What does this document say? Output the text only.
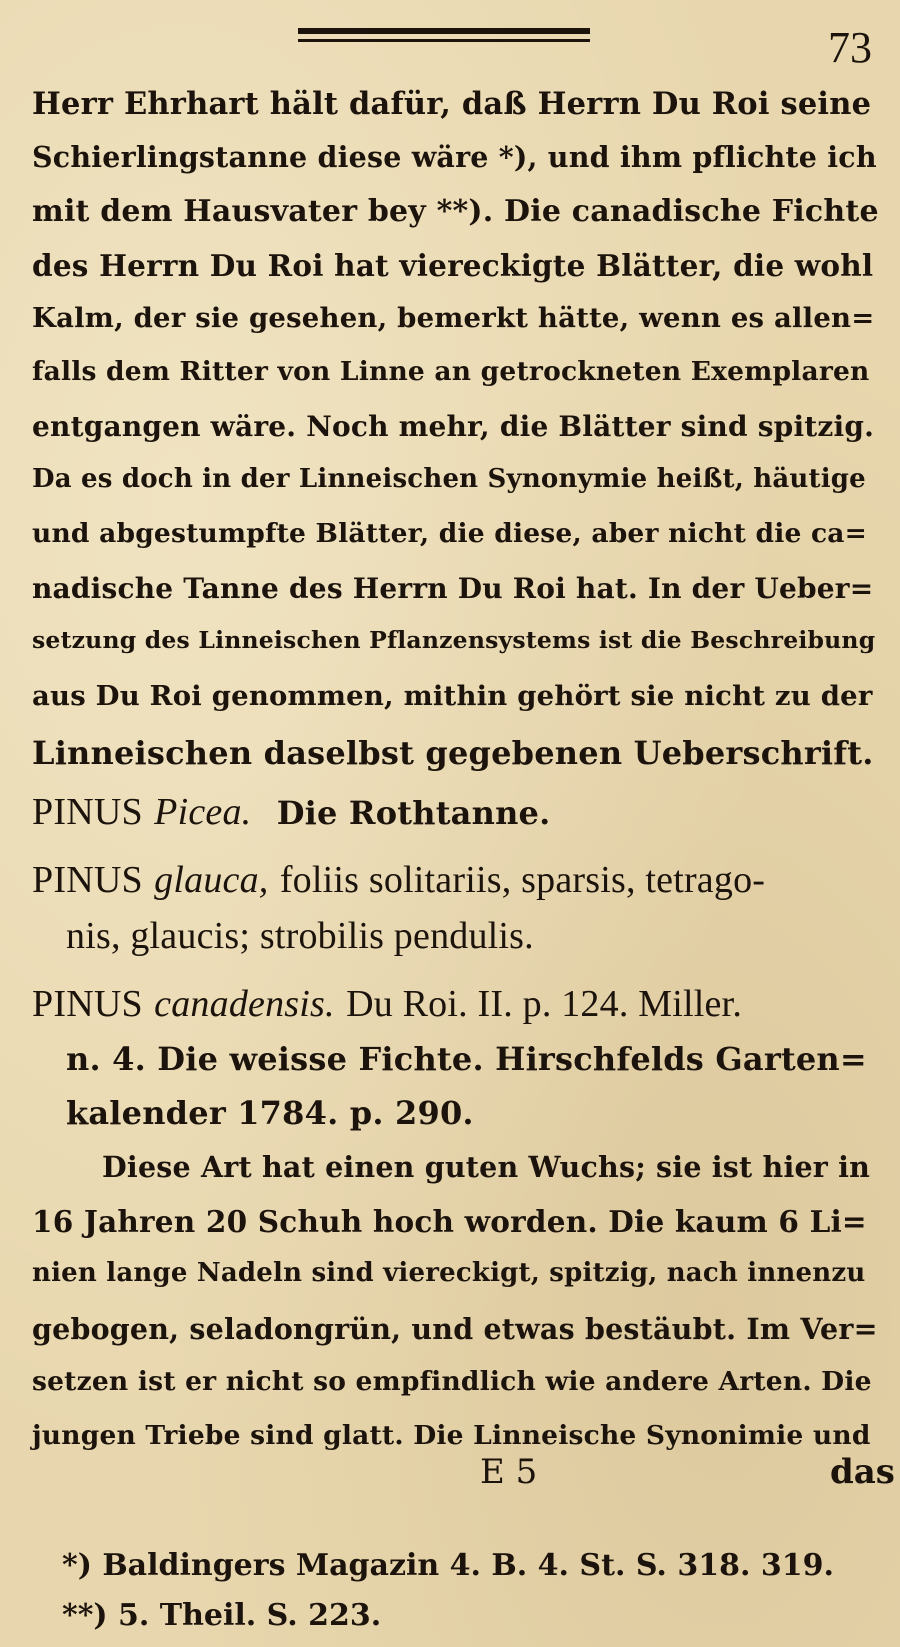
73
Herr Ehrhart hält dafür, daß Herrn Du Roi seine
Schierlingstanne diese wäre *), und ihm pflichte ich
mit dem Hausvater bey **). Die canadische Fichte
des Herrn Du Roi hat viereckigte Blätter, die wohl
Kalm, der sie gesehen, bemerkt hätte, wenn es allen=
falls dem Ritter von Linne an getrockneten Exemplaren
entgangen wäre. Noch mehr, die Blätter sind spitzig.
Da es doch in der Linneischen Synonymie heißt, häutige
und abgestumpfte Blätter, die diese, aber nicht die ca=
nadische Tanne des Herrn Du Roi hat. In der Ueber=
setzung des Linneischen Pflanzensystems ist die Beschreibung
aus Du Roi genommen, mithin gehört sie nicht zu der
Linneischen daselbst gegebenen Ueberschrift.
PINUS Picea. Die Rothtanne.
PINUS glauca, foliis solitariis, sparsis, tetrago-
nis, glaucis; strobilis pendulis.
PINUS canadensis. Du Roi. II. p. 124. Miller.
n. 4. Die weisse Fichte. Hirschfelds Garten=
kalender 1784. p. 290.
Diese Art hat einen guten Wuchs; sie ist hier in
16 Jahren 20 Schuh hoch worden. Die kaum 6 Li=
nien lange Nadeln sind viereckigt, spitzig, nach innenzu
gebogen, seladongrün, und etwas bestäubt. Im Ver=
setzen ist er nicht so empfindlich wie andere Arten. Die
jungen Triebe sind glatt. Die Linneische Synonimie und
E 5	das
*) Baldingers Magazin 4. B. 4. St. S. 318. 319.
**) 5. Theil. S. 223.
